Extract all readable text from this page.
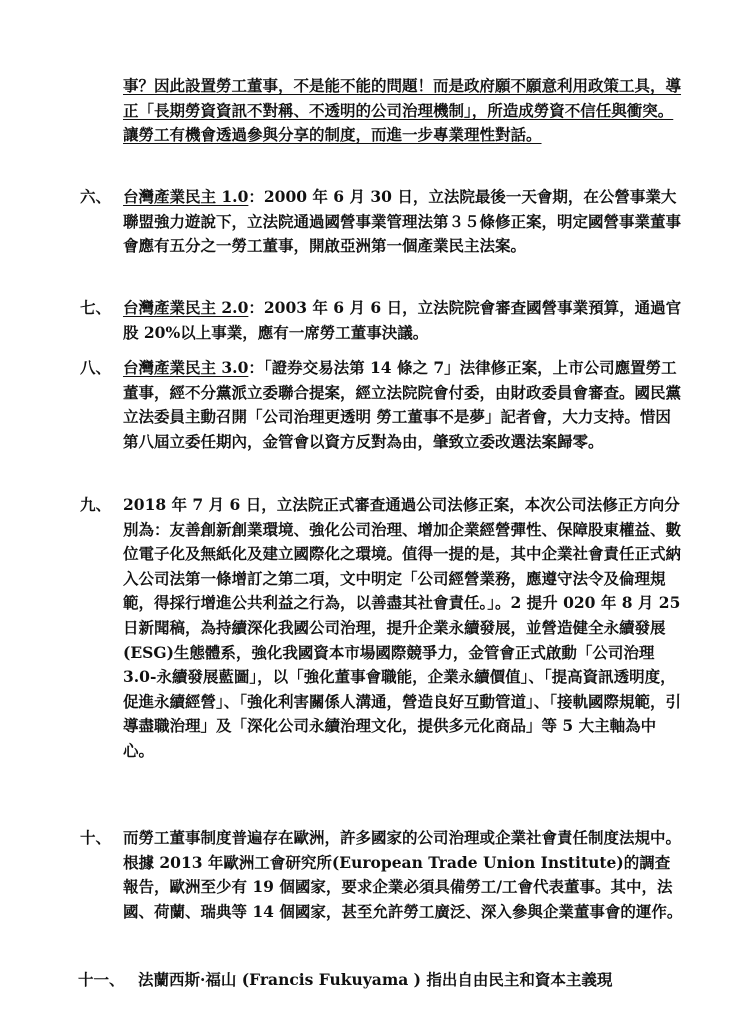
事？因此設置勞工董事，不是能不能的問題！而是政府願不願意利用政策工具，導正「長期勞資資訊不對稱、不透明的公司治理機制」，所造成勞資不信任與衝突。讓勞工有機會透過參與分享的制度，而進一步專業理性對話。
六、 台灣產業民主 1.0：2000 年 6 月 30 日，立法院最後一天會期，在公營事業大聯盟強力遊說下，立法院通過國營事業管理法第３５條修正案，明定國營事業董事會應有五分之一勞工董事，開啟亞洲第一個產業民主法案。
七、 台灣產業民主 2.0：2003 年 6 月 6 日，立法院院會審查國營事業預算，通過官股 20%以上事業，應有一席勞工董事決議。
八、 台灣產業民主 3.0：「證券交易法第 14 條之 7」法律修正案，上市公司應置勞工董事，經不分黨派立委聯合提案，經立法院院會付委，由財政委員會審查。國民黨立法委員主動召開「公司治理更透明 勞工董事不是夢」記者會，大力支持。惜因第八屆立委任期內，金管會以資方反對為由，肇致立委改選法案歸零。
九、 2018 年 7 月 6 日，立法院正式審查通過公司法修正案，本次公司法修正方向分別為：友善創新創業環境、強化公司治理、增加企業經營彈性、保障股東權益、數位電子化及無紙化及建立國際化之環境。值得一提的是，其中企業社會責任正式納入公司法第一條增訂之第二項，文中明定「公司經營業務，應遵守法令及倫理規範，得採行增進公共利益之行為，以善盡其社會責任。」。2 提升 020 年 8 月 25 日新聞稿，為持續深化我國公司治理，提升企業永續發展，並營造健全永續發展(ESG)生態體系，強化我國資本市場國際競爭力，金管會正式啟動「公司治理3.0-永續發展藍圖」，以「強化董事會職能，企業永續價值」、「提高資訊透明度，促進永續經營」、「強化利害關係人溝通，營造良好互動管道」、「接軌國際規範，引導盡職治理」及「深化公司永續治理文化，提供多元化商品」等 5 大主軸為中心。
十、 而勞工董事制度普遍存在歐洲，許多國家的公司治理或企業社會責任制度法規中。根據 2013 年歐洲工會研究所(European Trade Union Institute)的調查報告，歐洲至少有 19 個國家，要求企業必須具備勞工/工會代表董事。其中，法國、荷蘭、瑞典等 14 個國家，甚至允許勞工廣泛、深入參與企業董事會的運作。
十一、 法蘭西斯·福山 (Francis Fukuyama ) 指出自由民主和資本主義現
